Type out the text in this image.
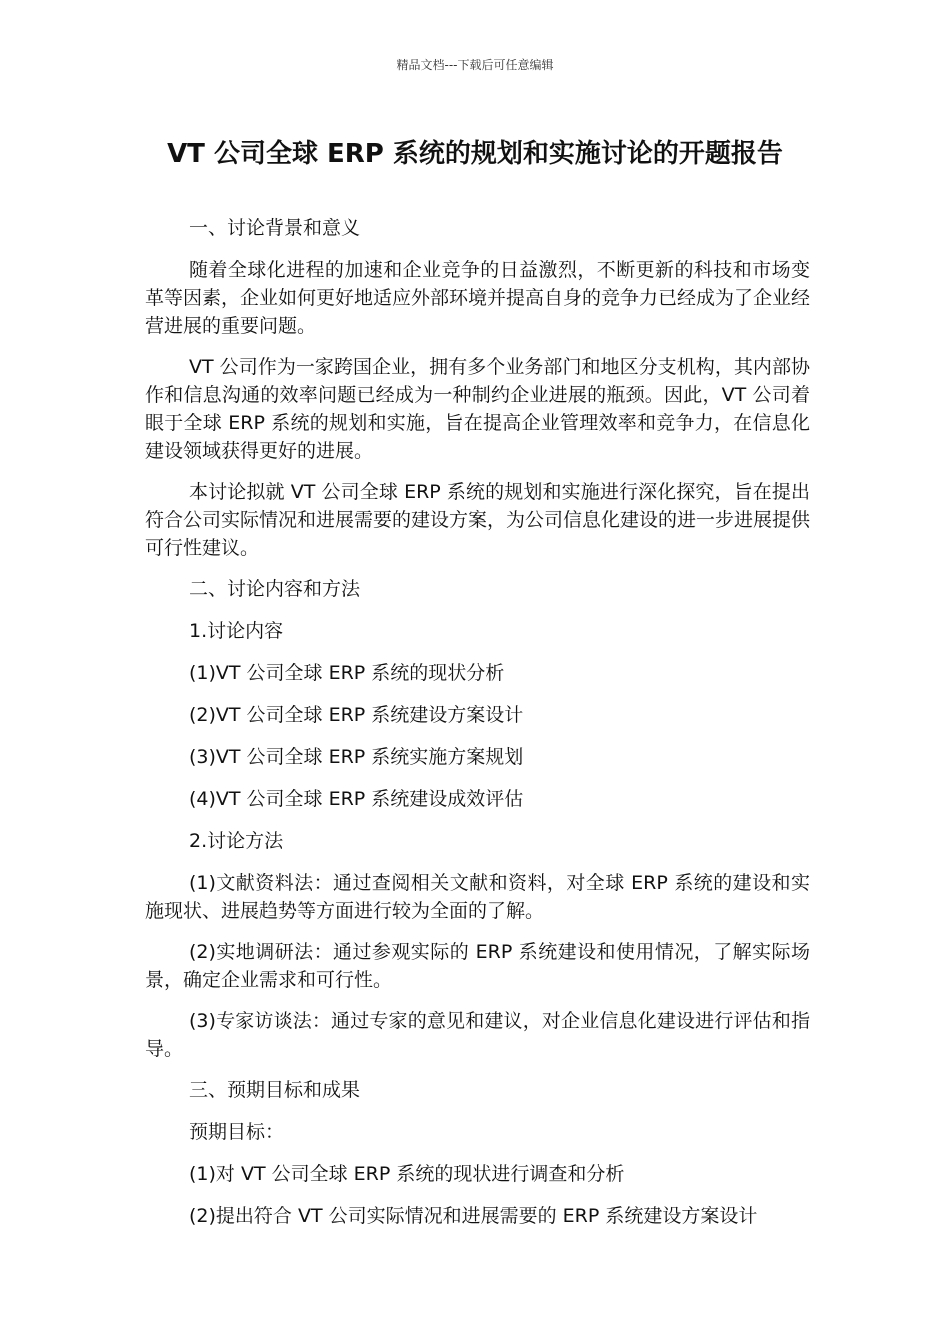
精品文档---下载后可任意编辑
VT 公司全球 ERP 系统的规划和实施讨论的开题报告

一、讨论背景和意义

随着全球化进程的加速和企业竞争的日益激烈，不断更新的科技和市场变革等因素，企业如何更好地适应外部环境并提高自身的竞争力已经成为了企业经营进展的重要问题。

VT 公司作为一家跨国企业，拥有多个业务部门和地区分支机构，其内部协作和信息沟通的效率问题已经成为一种制约企业进展的瓶颈。因此，VT 公司着眼于全球 ERP 系统的规划和实施，旨在提高企业管理效率和竞争力，在信息化建设领域获得更好的进展。

本讨论拟就 VT 公司全球 ERP 系统的规划和实施进行深化探究，旨在提出符合公司实际情况和进展需要的建设方案，为公司信息化建设的进一步进展提供可行性建议。

二、讨论内容和方法

1.讨论内容

(1)VT 公司全球 ERP 系统的现状分析

(2)VT 公司全球 ERP 系统建设方案设计

(3)VT 公司全球 ERP 系统实施方案规划

(4)VT 公司全球 ERP 系统建设成效评估

2.讨论方法

(1)文献资料法：通过查阅相关文献和资料，对全球 ERP 系统的建设和实施现状、进展趋势等方面进行较为全面的了解。

(2)实地调研法：通过参观实际的 ERP 系统建设和使用情况，了解实际场景，确定企业需求和可行性。

(3)专家访谈法：通过专家的意见和建议，对企业信息化建设进行评估和指导。

三、预期目标和成果

预期目标：

(1)对 VT 公司全球 ERP 系统的现状进行调查和分析

(2)提出符合 VT 公司实际情况和进展需要的 ERP 系统建设方案设计
